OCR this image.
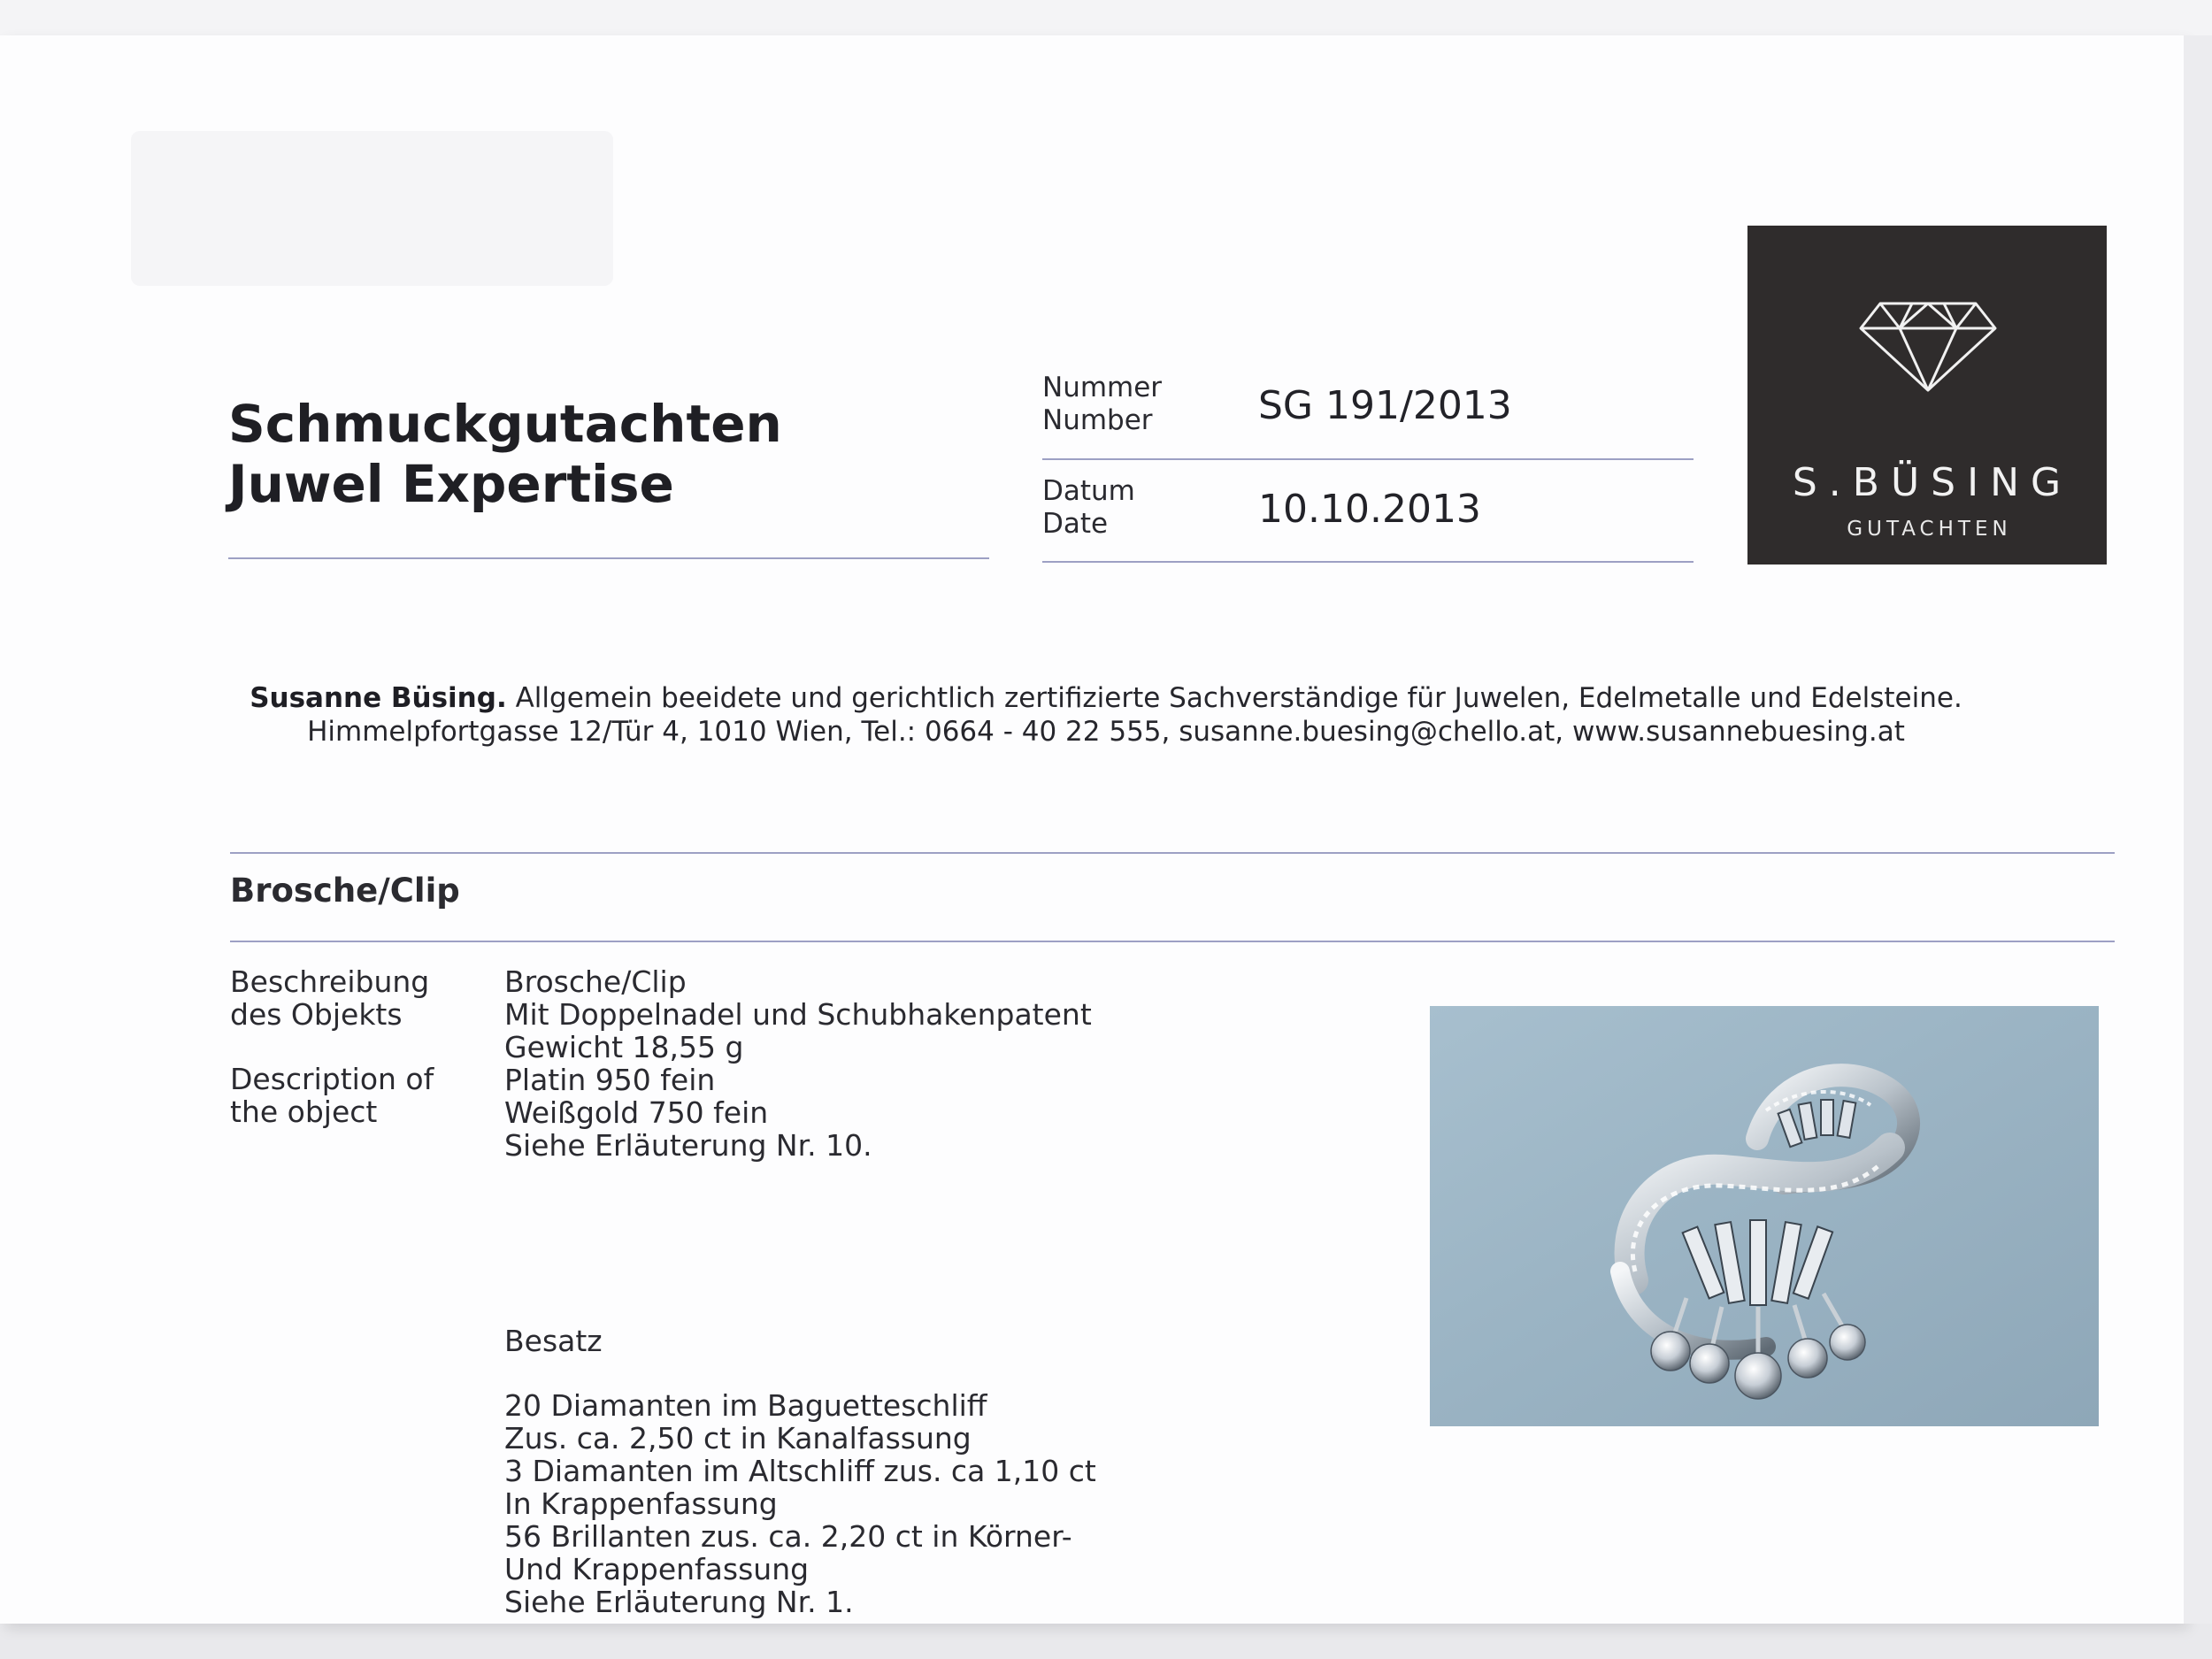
Schmuckgutachten
Juwel Expertise
Nummer
Number	SG 191/2013
Datum
Date	10.10.2013
S.BÜSING
GUTACHTEN
Susanne Büsing. Allgemein beeidete und gerichtlich zertifizierte Sachverständige für Juwelen, Edelmetalle und Edelsteine.
Himmelpfortgasse 12/Tür 4, 1010 Wien, Tel.: 0664 - 40 22 555, susanne.buesing@chello.at, www.susannebuesing.at
Brosche/Clip
Beschreibung
des Objekts
Description of
the object
Brosche/Clip
Mit Doppelnadel und Schubhakenpatent
Gewicht 18,55 g
Platin 950 fein
Weißgold 750 fein
Siehe Erläuterung Nr. 10.
Besatz
20 Diamanten im Baguetteschliff
Zus. ca. 2,50 ct in Kanalfassung
3 Diamanten im Altschliff zus. ca 1,10 ct
In Krappenfassung
56 Brillanten zus. ca. 2,20 ct in Körner-
Und Krappenfassung
Siehe Erläuterung Nr. 1.
